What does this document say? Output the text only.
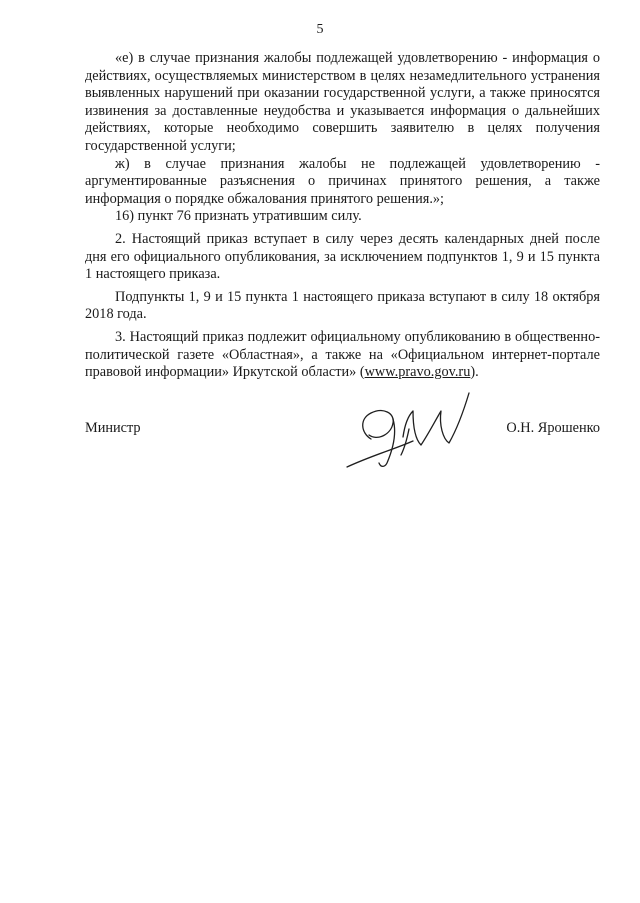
5

«е) в случае признания жалобы подлежащей удовлетворению - информация о действиях, осуществляемых министерством в целях незамедлительного устранения выявленных нарушений при оказании государственной услуги, а также приносятся извинения за доставленные неудобства и указывается информация о дальнейших действиях, которые необходимо совершить заявителю в целях получения государственной услуги;

ж) в случае признания жалобы не подлежащей удовлетворению - аргументированные разъяснения о причинах принятого решения, а также информация о порядке обжалования принятого решения.»;

16) пункт 76 признать утратившим силу.

2. Настоящий приказ вступает в силу через десять календарных дней после дня его официального опубликования, за исключением подпунктов 1, 9 и 15 пункта 1 настоящего приказа.

Подпункты 1, 9 и 15 пункта 1 настоящего приказа вступают в силу 18 октября 2018 года.

3. Настоящий приказ подлежит официальному опубликованию в общественно-политической газете «Областная», а также на «Официальном интернет-портале правовой информации» Иркутской области» (www.pravo.gov.ru).

Министр	О.Н. Ярошенко
